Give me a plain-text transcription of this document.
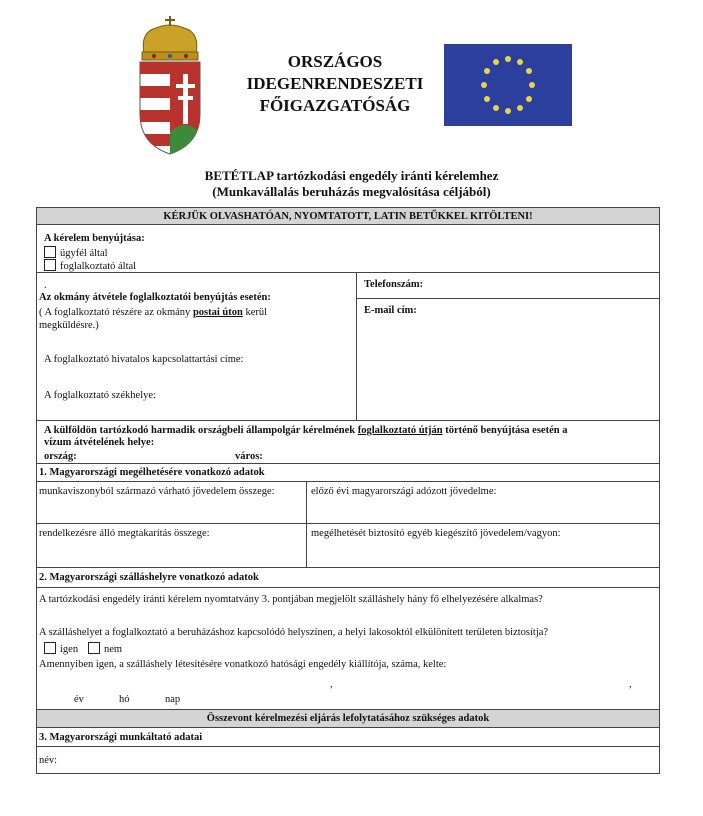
ORSZÁGOS
IDEGENRENDESZETI
FŐIGAZGATÓSÁG
BETÉTLAP tartózkodási engedély iránti kérelemhez
(Munkavállalás beruházás megvalósítása céljából)
KÉRJÜK OLVASHATÓAN, NYOMTATOTT, LATIN BETŰKKEL KITÖLTENI!
A kérelem benyújtása:
ügyfél által
foglalkoztató által
.
Az okmány átvétele foglalkoztatói benyújtás esetén:
( A foglalkoztató részére az okmány postai úton kerül
megküldésre.)
A foglalkoztató hivatalos kapcsolattartási címe:
A foglalkoztató székhelye:
Telefonszám:
E-mail cím:
A külföldön tartózkodó harmadik országbeli állampolgár kérelmének foglalkoztató útján történő benyújtása esetén a
vízum átvételének helye:
ország:	város:
1. Magyarországi megélhetésére vonatkozó adatok
munkaviszonyból származó várható jövedelem összege:	előző évi magyarországi adózott jövedelme:
rendelkezésre álló megtakarítás összege:	megélhetését biztosító egyéb kiegészítő jövedelem/vagyon:
2. Magyarországi szálláshelyre vonatkozó adatok
A tartózkodási engedély iránti kérelem nyomtatvány 3. pontjában megjelölt szálláshely hány fő elhelyezésére alkalmas?
A szálláshelyet a foglalkoztató a beruházáshoz kapcsolódó helyszínen, a helyi lakosoktól elkülönített területen biztosítja?
igen	nem
Amennyiben igen, a szálláshely létesítésére vonatkozó hatósági engedély kiállítója, száma, kelte:
,	,
év	hó	nap
Összevont kérelmezési eljárás lefolytatásához szükséges adatok
3. Magyarországi munkáltató adatai
név:
